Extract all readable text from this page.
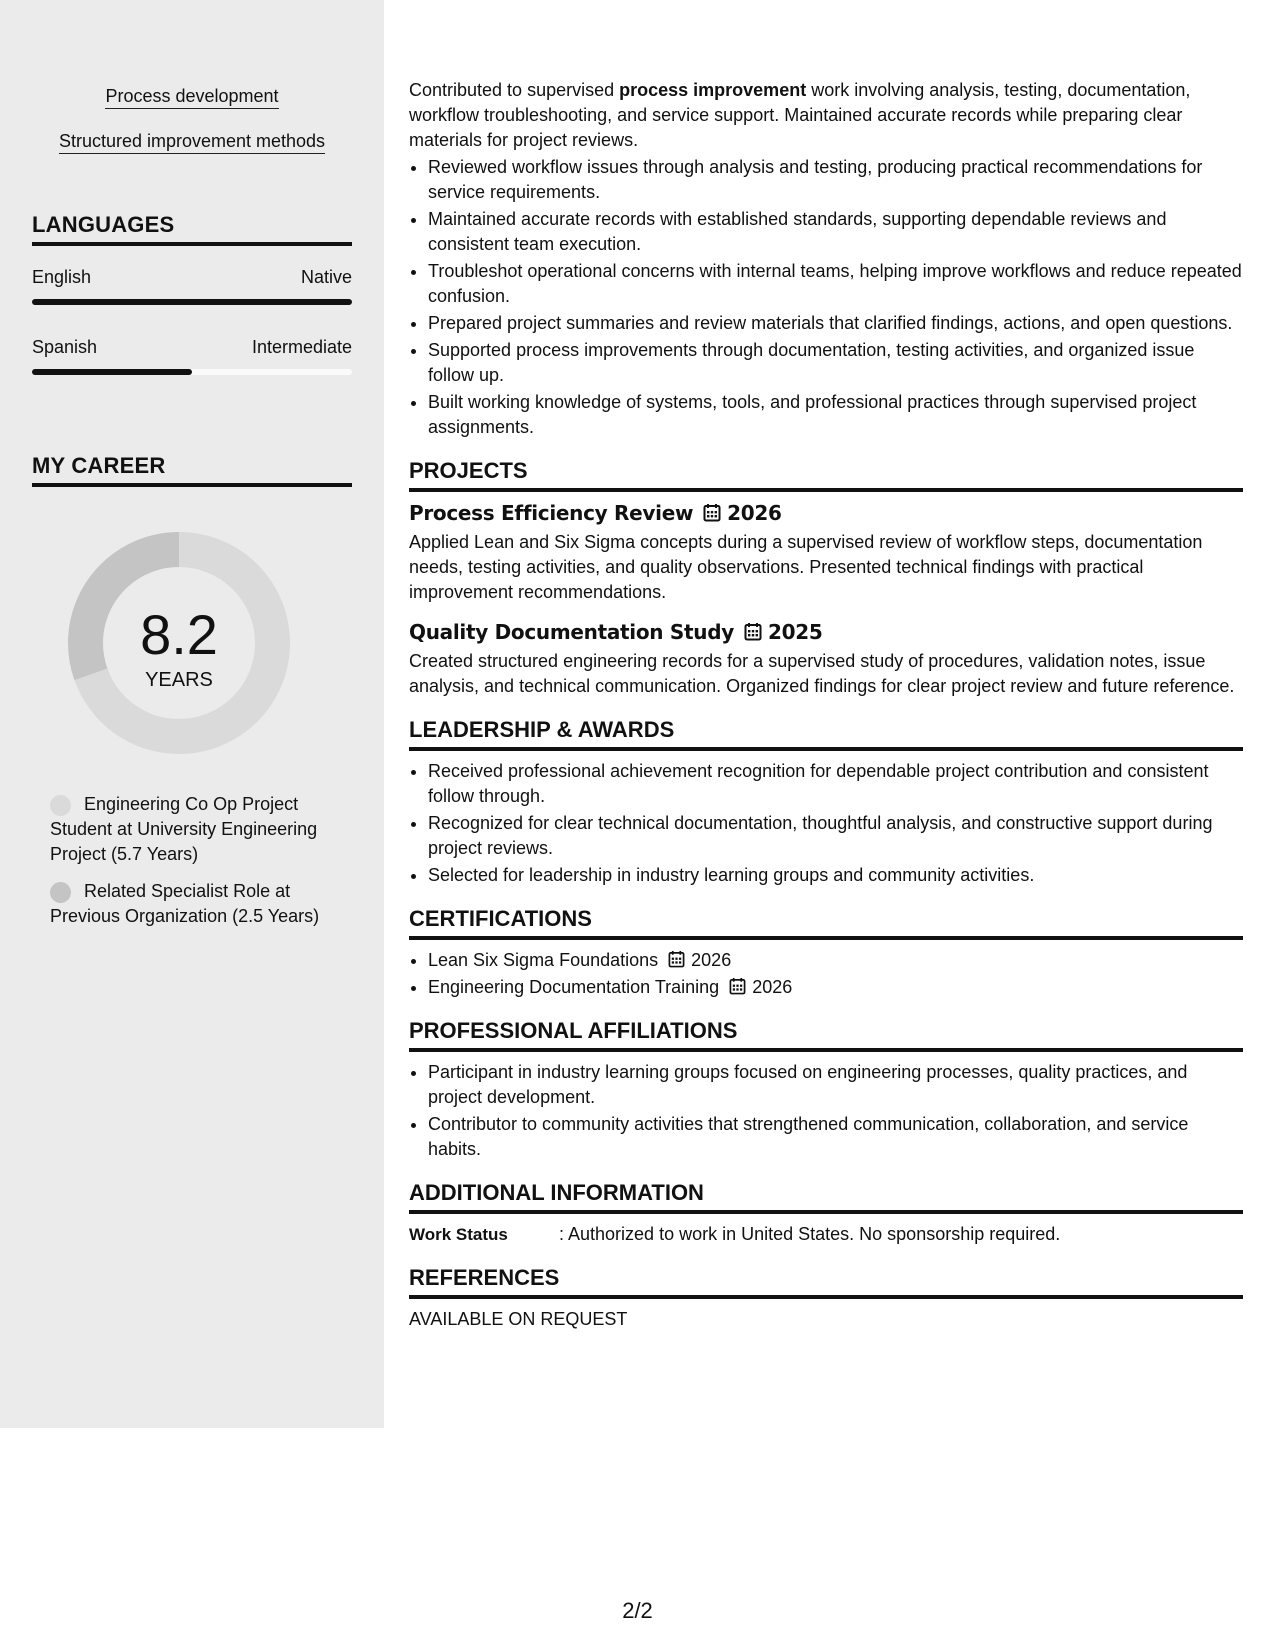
Process development
Structured improvement methods
LANGUAGES
English	Native
Spanish	Intermediate
MY CAREER
8.2
YEARS
Engineering Co Op Project Student at University Engineering Project (5.7 Years)
Related Specialist Role at Previous Organization (2.5 Years)

Contributed to supervised process improvement work involving analysis, testing, documentation, workflow troubleshooting, and service support. Maintained accurate records while preparing clear materials for project reviews.

• Reviewed workflow issues through analysis and testing, producing practical recommendations for service requirements.
• Maintained accurate records with established standards, supporting dependable reviews and consistent team execution.
• Troubleshot operational concerns with internal teams, helping improve workflows and reduce repeated confusion.
• Prepared project summaries and review materials that clarified findings, actions, and open questions.
• Supported process improvements through documentation, testing activities, and organized issue follow up.
• Built working knowledge of systems, tools, and professional practices through supervised project assignments.
PROJECTS
Process Efficiency Review 2026

Applied Lean and Six Sigma concepts during a supervised review of workflow steps, documentation needs, testing activities, and quality observations. Presented technical findings with practical improvement recommendations.

Quality Documentation Study 2025

Created structured engineering records for a supervised study of procedures, validation notes, issue analysis, and technical communication. Organized findings for clear project review and future reference.

LEADERSHIP & AWARDS
• Received professional achievement recognition for dependable project contribution and consistent follow through.
• Recognized for clear technical documentation, thoughtful analysis, and constructive support during project reviews.
• Selected for leadership in industry learning groups and community activities.
CERTIFICATIONS
• Lean Six Sigma Foundations 2026
• Engineering Documentation Training 2026
PROFESSIONAL AFFILIATIONS
• Participant in industry learning groups focused on engineering processes, quality practices, and project development.
• Contributor to community activities that strengthened communication, collaboration, and service habits.
ADDITIONAL INFORMATION
Work Status	: Authorized to work in United States. No sponsorship required.
REFERENCES

AVAILABLE ON REQUEST

2/2
